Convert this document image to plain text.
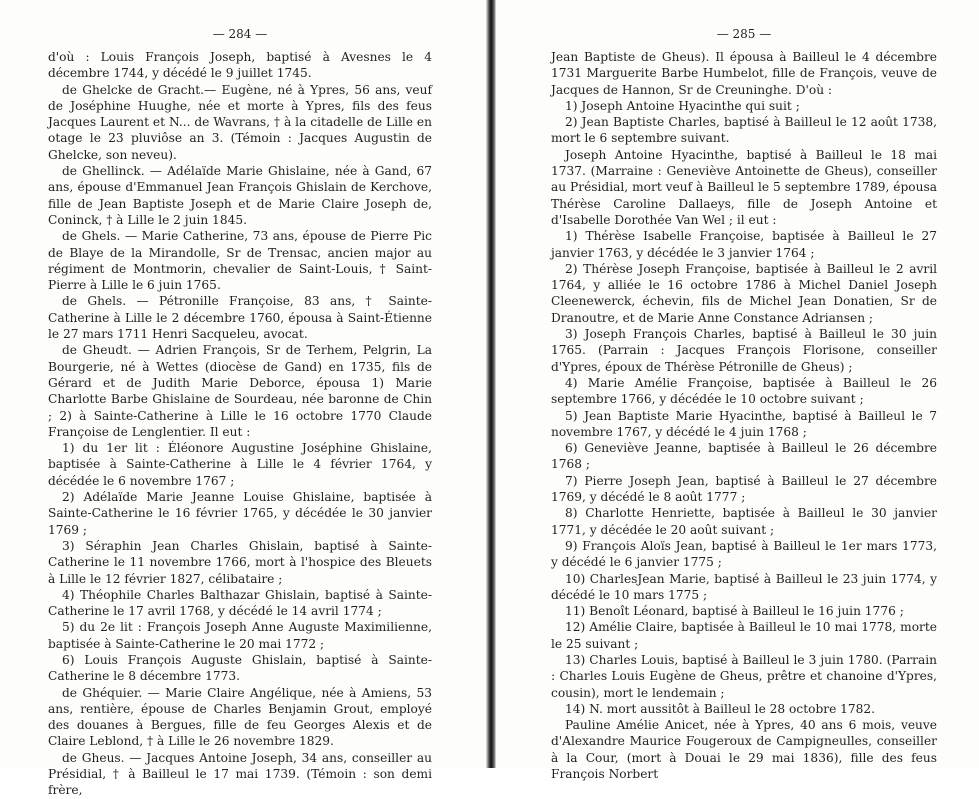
— 284 —

d'où : Louis François Joseph, baptisé à Avesnes le 4 décembre 1744, y décédé le 9 juillet 1745.

de Ghelcke de Gracht.— Eugène, né à Ypres, 56 ans, veuf de Joséphine Huughe, née et morte à Ypres, fils des feus Jacques Laurent et N... de Wavrans, † à la citadelle de Lille en otage le 23 pluviôse an 3. (Témoin : Jacques Augustin de Ghelcke, son neveu).

de Ghellinck. — Adélaïde Marie Ghislaine, née à Gand, 67 ans, épouse d'Emmanuel Jean François Ghislain de Kerchove, fille de Jean Baptiste Joseph et de Marie Claire Joseph de, Coninck, † à Lille le 2 juin 1845.

de Ghels. — Marie Catherine, 73 ans, épouse de Pierre Pic de Blaye de la Mirandolle, Sr de Trensac, ancien major au régiment de Montmorin, chevalier de Saint-Louis, † Saint-Pierre à Lille le 6 juin 1765.

de Ghels. — Pétronille Françoise, 83 ans, † Sainte-Catherine à Lille le 2 décembre 1760, épousa à Saint-Étienne le 27 mars 1711 Henri Sacqueleu, avocat.

de Gheudt. — Adrien François, Sr de Terhem, Pelgrin, La Bourgerie, né à Wettes (diocèse de Gand) en 1735, fils de Gérard et de Judith Marie Deborce, épousa 1) Marie Charlotte Barbe Ghislaine de Sourdeau, née baronne de Chin ; 2) à Sainte-Catherine à Lille le 16 octobre 1770 Claude Françoise de Lenglentier. Il eut :

1) du 1er lit : Éléonore Augustine Joséphine Ghislaine, baptisée à Sainte-Catherine à Lille le 4 février 1764, y décédée le 6 novembre 1767 ;

2) Adélaïde Marie Jeanne Louise Ghislaine, baptisée à Sainte-Catherine le 16 février 1765, y décédée le 30 janvier 1769 ;

3) Séraphin Jean Charles Ghislain, baptisé à Sainte-Catherine le 11 novembre 1766, mort à l'hospice des Bleuets à Lille le 12 février 1827, célibataire ;

4) Théophile Charles Balthazar Ghislain, baptisé à Sainte-Catherine le 17 avril 1768, y décédé le 14 avril 1774 ;

5) du 2e lit : François Joseph Anne Auguste Maximilienne, baptisée à Sainte-Catherine le 20 mai 1772 ;

6) Louis François Auguste Ghislain, baptisé à Sainte-Catherine le 8 décembre 1773.

de Ghéquier. — Marie Claire Angélique, née à Amiens, 53 ans, rentière, épouse de Charles Benjamin Grout, employé des douanes à Bergues, fille de feu Georges Alexis et de Claire Leblond, † à Lille le 26 novembre 1829.

de Gheus. — Jacques Antoine Joseph, 34 ans, conseiller au Présidial, † à Bailleul le 17 mai 1739. (Témoin : son demi frère,

— 285 —

Jean Baptiste de Gheus). Il épousa à Bailleul le 4 décembre 1731 Marguerite Barbe Humbelot, fille de François, veuve de Jacques de Hannon, Sr de Creuninghe. D'où :

1) Joseph Antoine Hyacinthe qui suit ;

2) Jean Baptiste Charles, baptisé à Bailleul le 12 août 1738, mort le 6 septembre suivant.

Joseph Antoine Hyacinthe, baptisé à Bailleul le 18 mai 1737. (Marraine : Geneviève Antoinette de Gheus), conseiller au Présidial, mort veuf à Bailleul le 5 septembre 1789, épousa Thérèse Caroline Dallaeys, fille de Joseph Antoine et d'Isabelle Dorothée Van Wel ; il eut :

1) Thérèse Isabelle Françoise, baptisée à Bailleul le 27 janvier 1763, y décédée le 3 janvier 1764 ;

2) Thérèse Joseph Françoise, baptisée à Bailleul le 2 avril 1764, y alliée le 16 octobre 1786 à Michel Daniel Joseph Cleenewerck, échevin, fils de Michel Jean Donatien, Sr de Dranoutre, et de Marie Anne Constance Adriansen ;

3) Joseph François Charles, baptisé à Bailleul le 30 juin 1765. (Parrain : Jacques François Florisone, conseiller d'Ypres, époux de Thérèse Pétronille de Gheus) ;

4) Marie Amélie Françoise, baptisée à Bailleul le 26 septembre 1766, y décédée le 10 octobre suivant ;

5) Jean Baptiste Marie Hyacinthe, baptisé à Bailleul le 7 novembre 1767, y décédé le 4 juin 1768 ;

6) Geneviève Jeanne, baptisée à Bailleul le 26 décembre 1768 ;

7) Pierre Joseph Jean, baptisé à Bailleul le 27 décembre 1769, y décédé le 8 août 1777 ;

8) Charlotte Henriette, baptisée à Bailleul le 30 janvier 1771, y décédée le 20 août suivant ;

9) François Aloïs Jean, baptisé à Bailleul le 1er mars 1773, y décédé le 6 janvier 1775 ;

10) CharlesJean Marie, baptisé à Bailleul le 23 juin 1774, y décédé le 10 mars 1775 ;

11) Benoît Léonard, baptisé à Bailleul le 16 juin 1776 ;

12) Amélie Claire, baptisée à Bailleul le 10 mai 1778, morte le 25 suivant ;

13) Charles Louis, baptisé à Bailleul le 3 juin 1780. (Parrain : Charles Louis Eugène de Gheus, prêtre et chanoine d'Ypres, cousin), mort le lendemain ;

14) N. mort aussitôt à Bailleul le 28 octobre 1782.

Pauline Amélie Anicet, née à Ypres, 40 ans 6 mois, veuve d'Alexandre Maurice Fougeroux de Campigneulles, conseiller à la Cour, (mort à Douai le 29 mai 1836), fille des feus François Norbert
